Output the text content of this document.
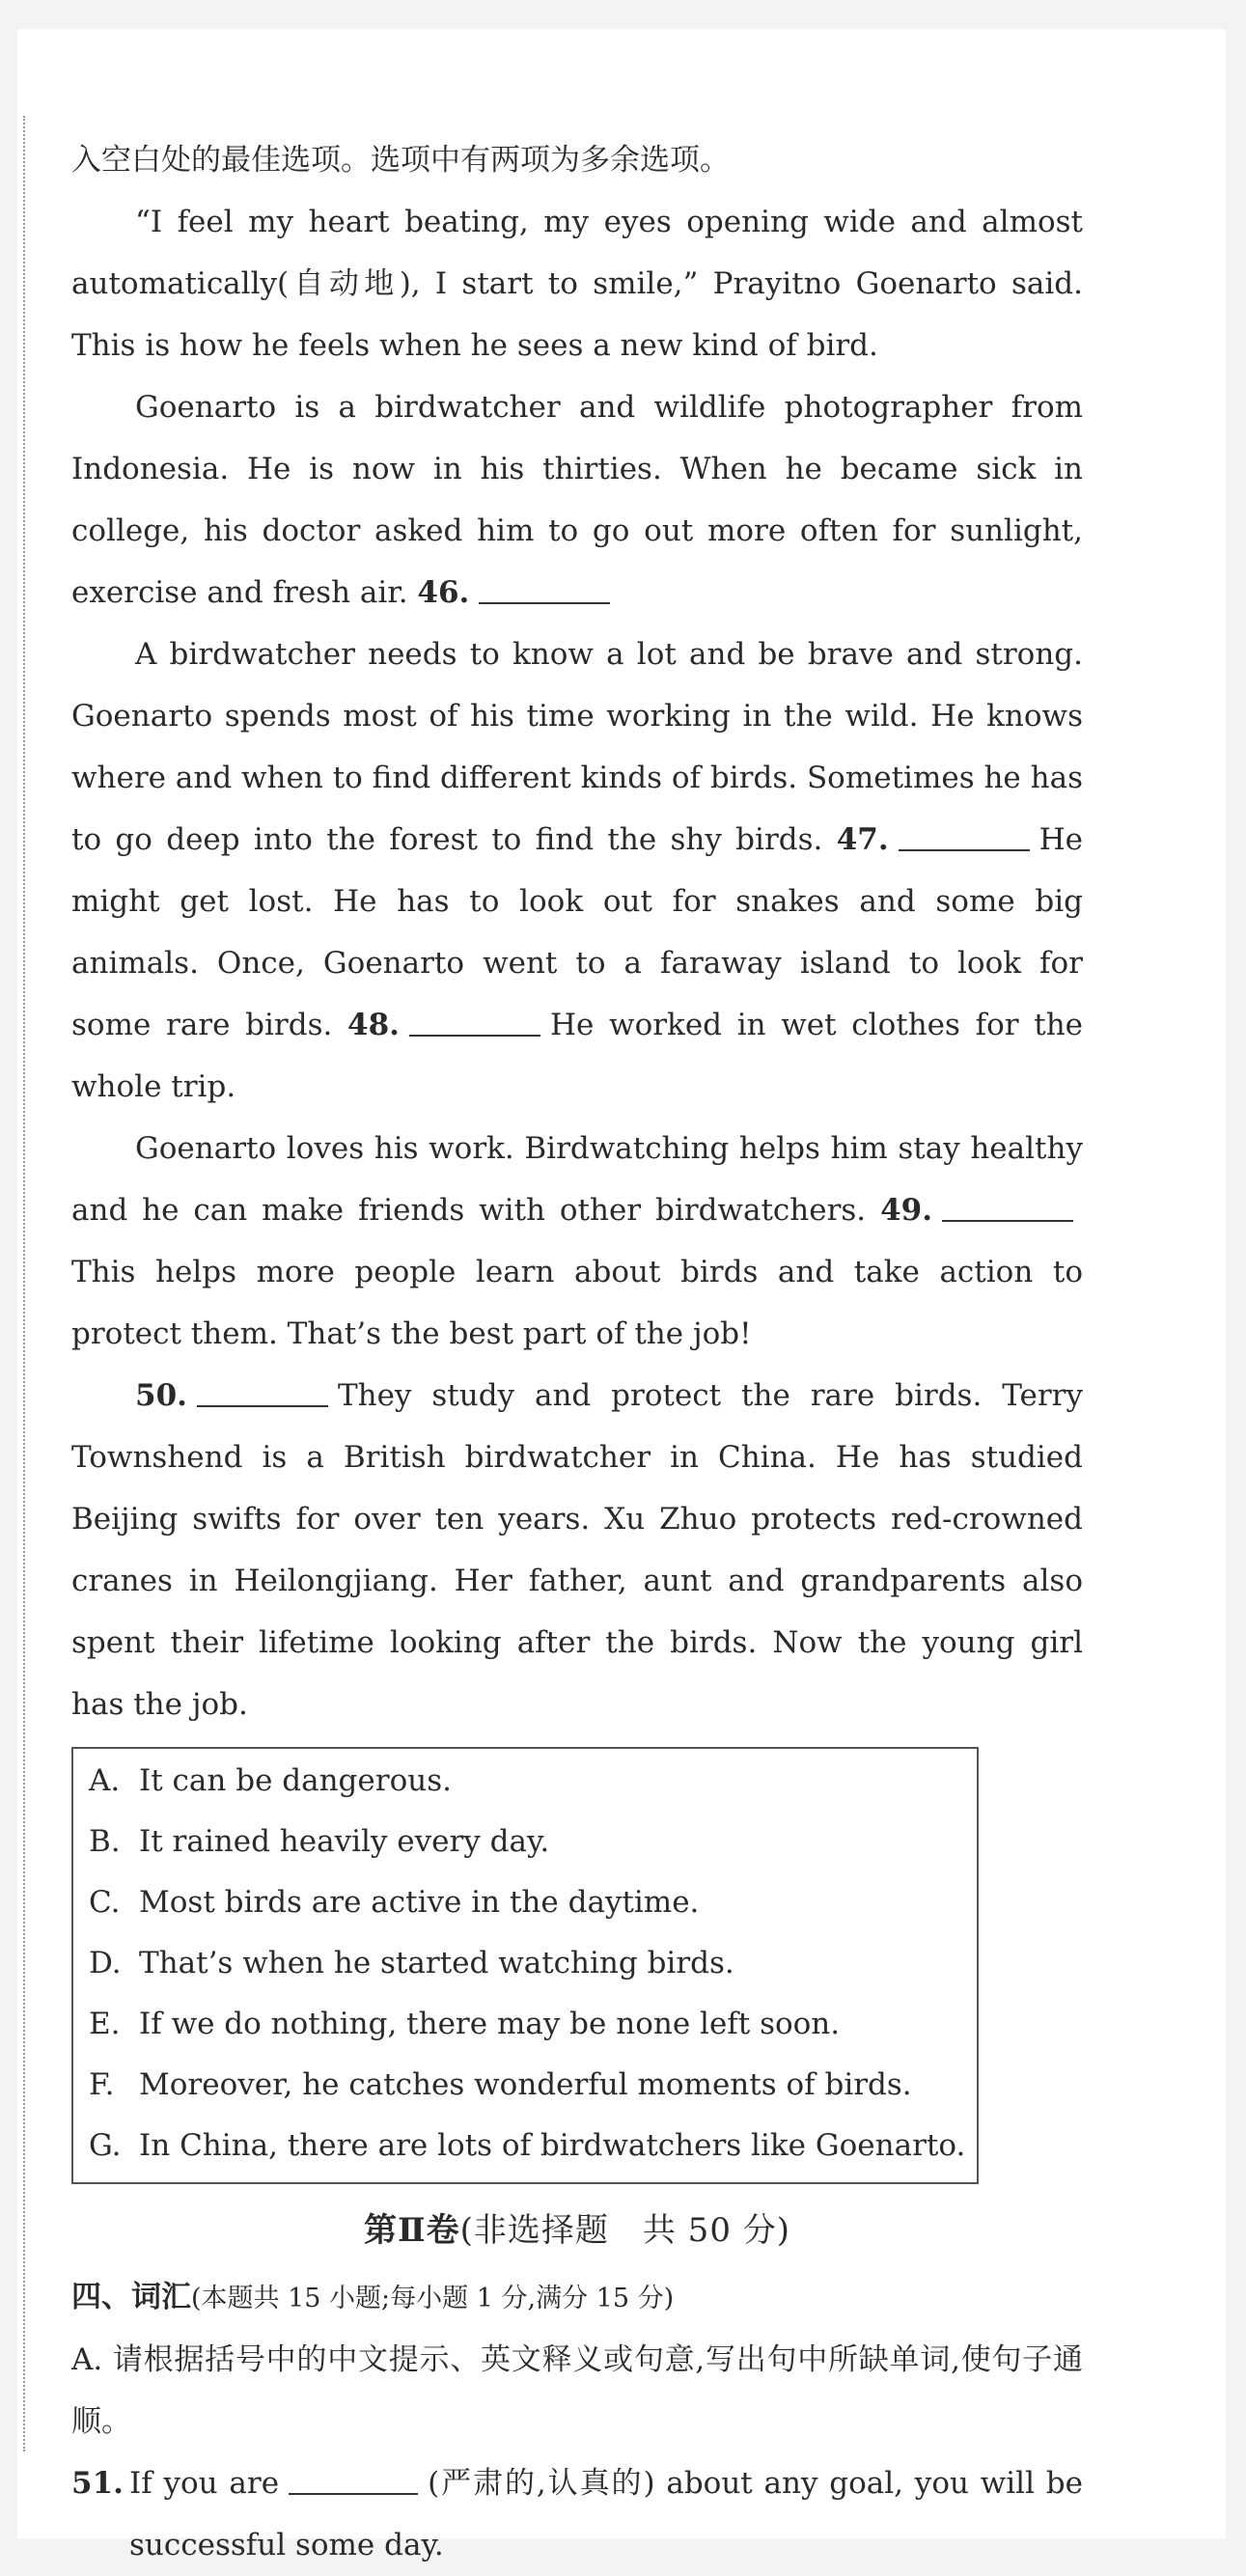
入空白处的最佳选项。选项中有两项为多余选项。

“I feel my heart beating, my eyes opening wide and almost automatically(自动地), I start to smile,” Prayitno Goenarto said. This is how he feels when he sees a new kind of bird.

Goenarto is a birdwatcher and wildlife photographer from Indonesia. He is now in his thirties. When he became sick in college, his doctor asked him to go out more often for sunlight, exercise and fresh air. 46.

A birdwatcher needs to know a lot and be brave and strong. Goenarto spends most of his time working in the wild. He knows where and when to find different kinds of birds. Sometimes he has to go deep into the forest to find the shy birds. 47.	He might get lost. He has to look out for snakes and some big animals. Once, Goenarto went to a faraway island to look for some rare birds. 48.	He worked in wet clothes for the whole trip.

Goenarto loves his work. Birdwatching helps him stay healthy and he can make friends with other birdwatchers. 49.This helps more people learn about birds and take action to protect them. That’s the best part of the job!

50.	They study and protect the rare birds. Terry Townshend is a British birdwatcher in China. He has studied Beijing swifts for over ten years. Xu Zhuo protects red-crowned cranes in Heilongjiang. Her father, aunt and grandparents also spent their lifetime looking after the birds. Now the young girl has the job.

A. It can be dangerous.
B. It rained heavily every day.
C. Most birds are active in the daytime.
D. That’s when he started watching birds.
E. If we do nothing, there may be none left soon.
F. Moreover, he catches wonderful moments of birds.
G. In China, there are lots of birdwatchers like Goenarto.
第Ⅱ卷(非选择题　共 50 分)
四、词汇(本题共 15 小题;每小题 1 分,满分 15 分)

A. 请根据括号中的中文提示、英文释义或句意,写出句中所缺单词,使句子通顺。

51. If you are	(严肃的,认真的) about any goal, you will be successful some day.
